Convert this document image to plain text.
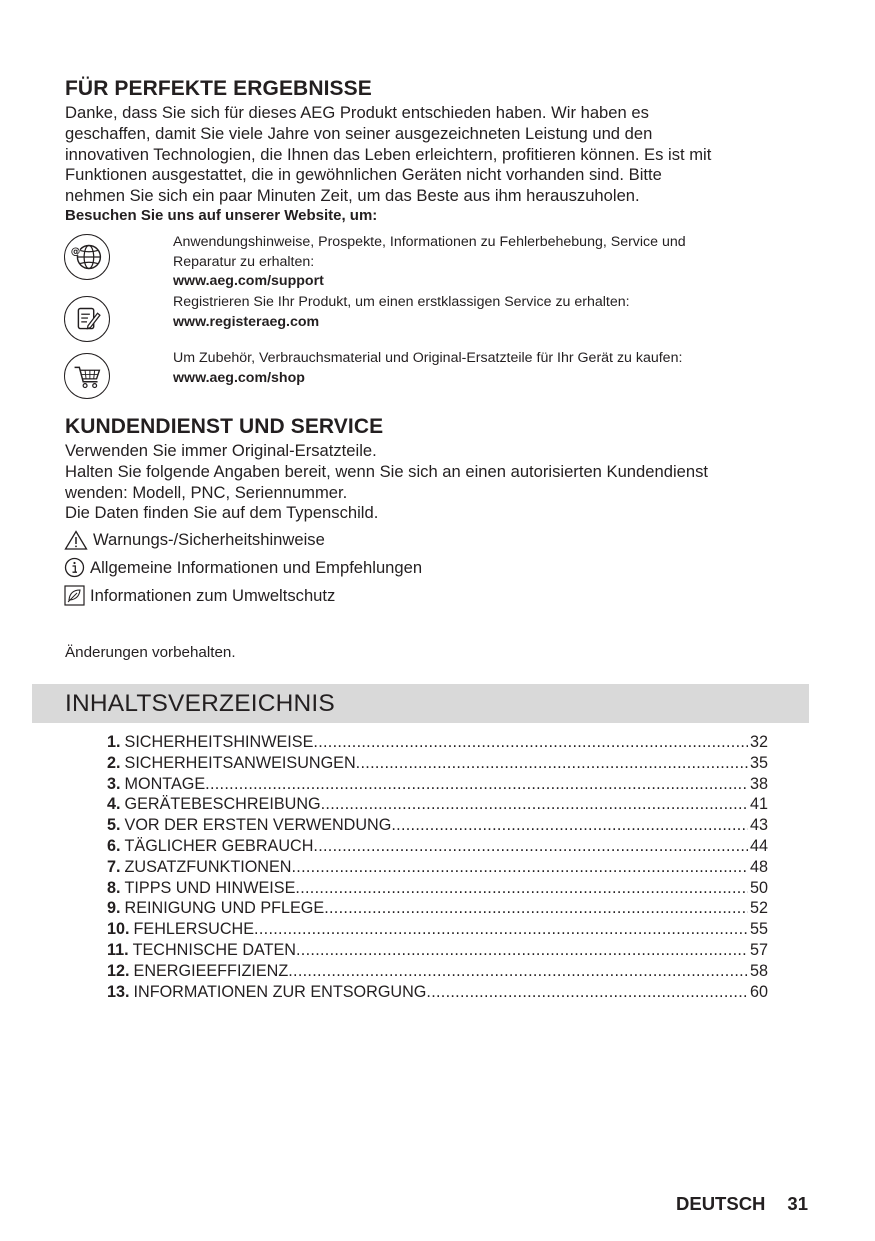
FÜR PERFEKTE ERGEBNISSE
Danke, dass Sie sich für dieses AEG Produkt entschieden haben. Wir haben es
geschaffen, damit Sie viele Jahre von seiner ausgezeichneten Leistung und den
innovativen Technologien, die Ihnen das Leben erleichtern, profitieren können. Es ist mit
Funktionen ausgestattet, die in gewöhnlichen Geräten nicht vorhanden sind. Bitte
nehmen Sie sich ein paar Minuten Zeit, um das Beste aus ihm herauszuholen.
Besuchen Sie uns auf unserer Website, um:
@
Anwendungshinweise, Prospekte, Informationen zu Fehlerbehebung, Service und
Reparatur zu erhalten:
www.aeg.com/support
Registrieren Sie Ihr Produkt, um einen erstklassigen Service zu erhalten:
www.registeraeg.com
Um Zubehör, Verbrauchsmaterial und Original-Ersatzteile für Ihr Gerät zu kaufen:
www.aeg.com/shop
KUNDENDIENST UND SERVICE
Verwenden Sie immer Original-Ersatzteile.
Halten Sie folgende Angaben bereit, wenn Sie sich an einen autorisierten Kundendienst
wenden: Modell, PNC, Seriennummer.
Die Daten finden Sie auf dem Typenschild.
Warnungs-/Sicherheitshinweise
Allgemeine Informationen und Empfehlungen
Informationen zum Umweltschutz
Änderungen vorbehalten.
INHALTSVERZEICHNIS
1. SICHERHEITSHINWEISE .....	32
2. SICHERHEITSANWEISUNGEN .....	35
3. MONTAGE .....	38
4. GERÄTEBESCHREIBUNG .....	41
5. VOR DER ERSTEN VERWENDUNG .....	43
6. TÄGLICHER GEBRAUCH .....	44
7. ZUSATZFUNKTIONEN .....	48
8. TIPPS UND HINWEISE .....	50
9. REINIGUNG UND PFLEGE .....	52
10. FEHLERSUCHE .....	55
11. TECHNISCHE DATEN .....	57
12. ENERGIEEFFIZIENZ .....	58
13. INFORMATIONEN ZUR ENTSORGUNG .....	60
DEUTSCH 31
